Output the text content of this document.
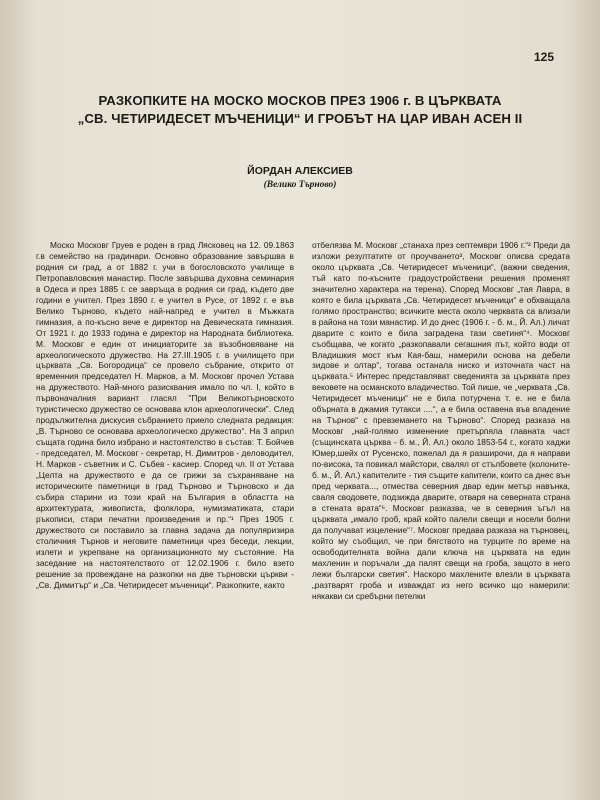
125
РАЗКОПКИТЕ НА МОСКО МОСКОВ ПРЕЗ 1906 г. В ЦЪРКВАТА
„СВ. ЧЕТИРИДЕСЕТ МЪЧЕНИЦИ“ И ГРОБЪТ НА ЦАР ИВАН АСЕН II
ЙОРДАН АЛЕКСИЕВ
(Велико Търново)

Моско Московг Груев е роден в град Лясковец на 12. 09.1863 г.в семейство на градинари. Основно образование завършва в родния си град, а от 1882 г. учи в богословското училище в Петропавловския манастир. После завършва духовна семинария в Одеса и през 1885 г. се завръща в родния си град, където две години е учител. През 1890 г. е учител в Русе, от 1892 г. е във Велико Търново, където най-напред е учител в Мъжката гимназия, а по-късно вече е директор на Девическата гимназия. От 1921 г. до 1933 година е директор на Народната библиотека. М. Московг е един от инициаторите за възобновяване на археологическото дружество. На 27.III.1905 г. в училището при църквата „Св. Богородица“ се провело събрание, открито от временния председател Н. Марков, а М. Московг прочел Устава на дружеството. Най-много разисквания имало по чл. I, който в първоначалния вариант гласял "При Великотърновското туристическо дружество се основава клон археологически". След продължителна дискусия събранието приело следната редакция: „В. Търново се основава археологическо дружество“. На 3 април същата година било избрано и настоятелство в състав: Т. Бойчев - председател, М. Московг - секретар, Н. Димитров - деловодител, Н. Марков - съветник и С. Събев - касиер. Според чл. II от Устава „Целта на дружеството е да се грижи за съхраняване на историческите паметници в град Търново и Търновско и да събира старини из този край на България в областта на архитектурата, живописта, фолклора, нумизматиката, стари ръкописи, стари печатни произведения и пр.“¹ През 1905 г. дружеството си поставило за главна задача да популяризира столичния Търнов и неговите паметници чрез беседи, лекции, излети и укрепване на организационното му състояние. На заседание на настоятелството от 12.02.1906 г. било взето решение за провеждане на разкопки на две търновски църкви - „Св. Димитър“ и „Св. Четиридесет мъченици“. Разкопките, както

отбелязва М. Московг „станаха през септември 1906 г.“² Преди да изложи резултатите от проучването³, Московг описва средата около църквата „Св. Четиридесет мъченици“, (важни сведения, тъй като по-късните градоустройствени решения променят значително характера на терена). Според Московг „тая Лавра, в която е била църквата „Св. Четиридесет мъченици“ е обхващала голямо пространство; всичките места около черквата са влизали в района на този манастир. И до днес (1906 г. - б. м., Й. Ал.) личат дварите с които е била заградена тази светиня“⁴. Московг съобщава, че когато „разкопавали сегашния път, който води от Владишкия мост към Кая-баш, намерили основа на дебели зидове и олтар“, тогава останала ниско и източната част на църквата.⁵ Интерес представляват сведенията за църквата през вековете на османското владичество. Той пише, че „черквата „Св. Четиридесет мъченици“ не е била потурчена т. е. не е била обърната в джамия тутакси ....“, а е била оставена във владение на Търнов“ с превземането на Търново“. Според разказа на Московг „най-голямо изменение претърпяла главната част (същинската църква - б. м., Й. Ал.) около 1853-54 г., когато хаджи Юмер,шейх от Русенско, пожелал да я разширочи, да я направи по-висока, та повикал майстори, свалял от стълбовете (колоните-б. м., Й. Ал.) капителите - тия същите капители, които са днес вън пред черквата..., отмества северния двар един метър навънка, сваля сводовете, подзижда дварите, отваря на северната страна в стената врата“⁶. Московг разказва, че в северния ъгъл на църквата „имало гроб, край който палели свещи и носели болни да получават изцеление“⁷. Московг предава разказа на търновец, който му съобщил, че при бягството на турците по време на освободителната война дали ключа на църквата на един махленин и поръчали „да палят свещи на гроба, защото в него лежи български светия“. Наскоро махлените влезли в църквата „разтварят гроба и изваждат из него всичко що намерили: някакви си сребърни петелки
